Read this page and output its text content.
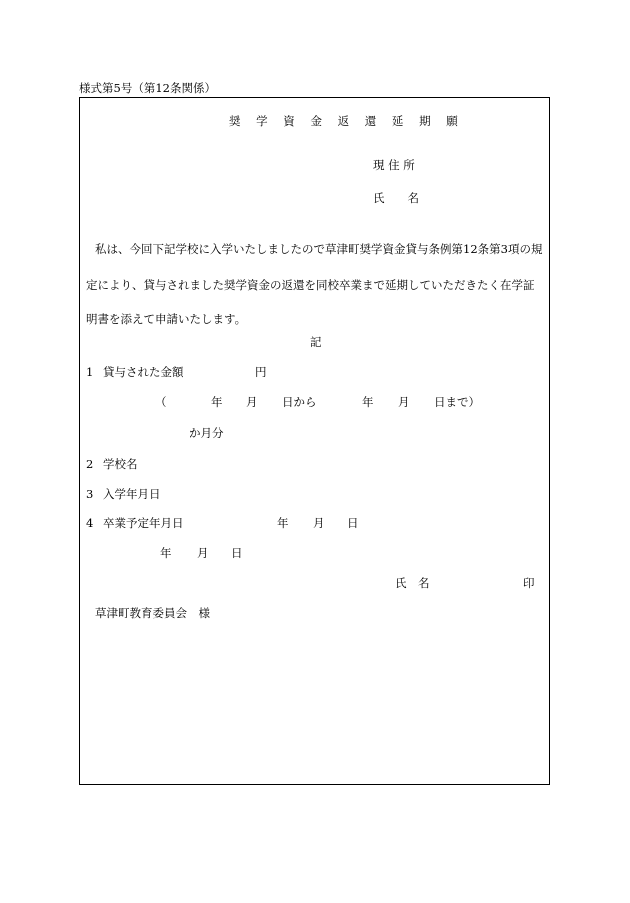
様式第5号（第12条関係）
奨 学 資 金 返 還 延 期 願
現 住 所
氏　　名
私は、今回下記学校に入学いたしましたので草津町奨学資金貸与条例第12条第3項の規
定により、貸与されました奨学資金の返還を同校卒業まで延期していただきたく在学証
明書を添えて申請いたします。
記
1 貸与された金額	円
（	年 月 日から	年 月 日まで）
か月分
2 学校名
3 入学年月日
4 卒業予定年月日	年 月 日
年 月 日
氏　名	印
草津町教育委員会　様
